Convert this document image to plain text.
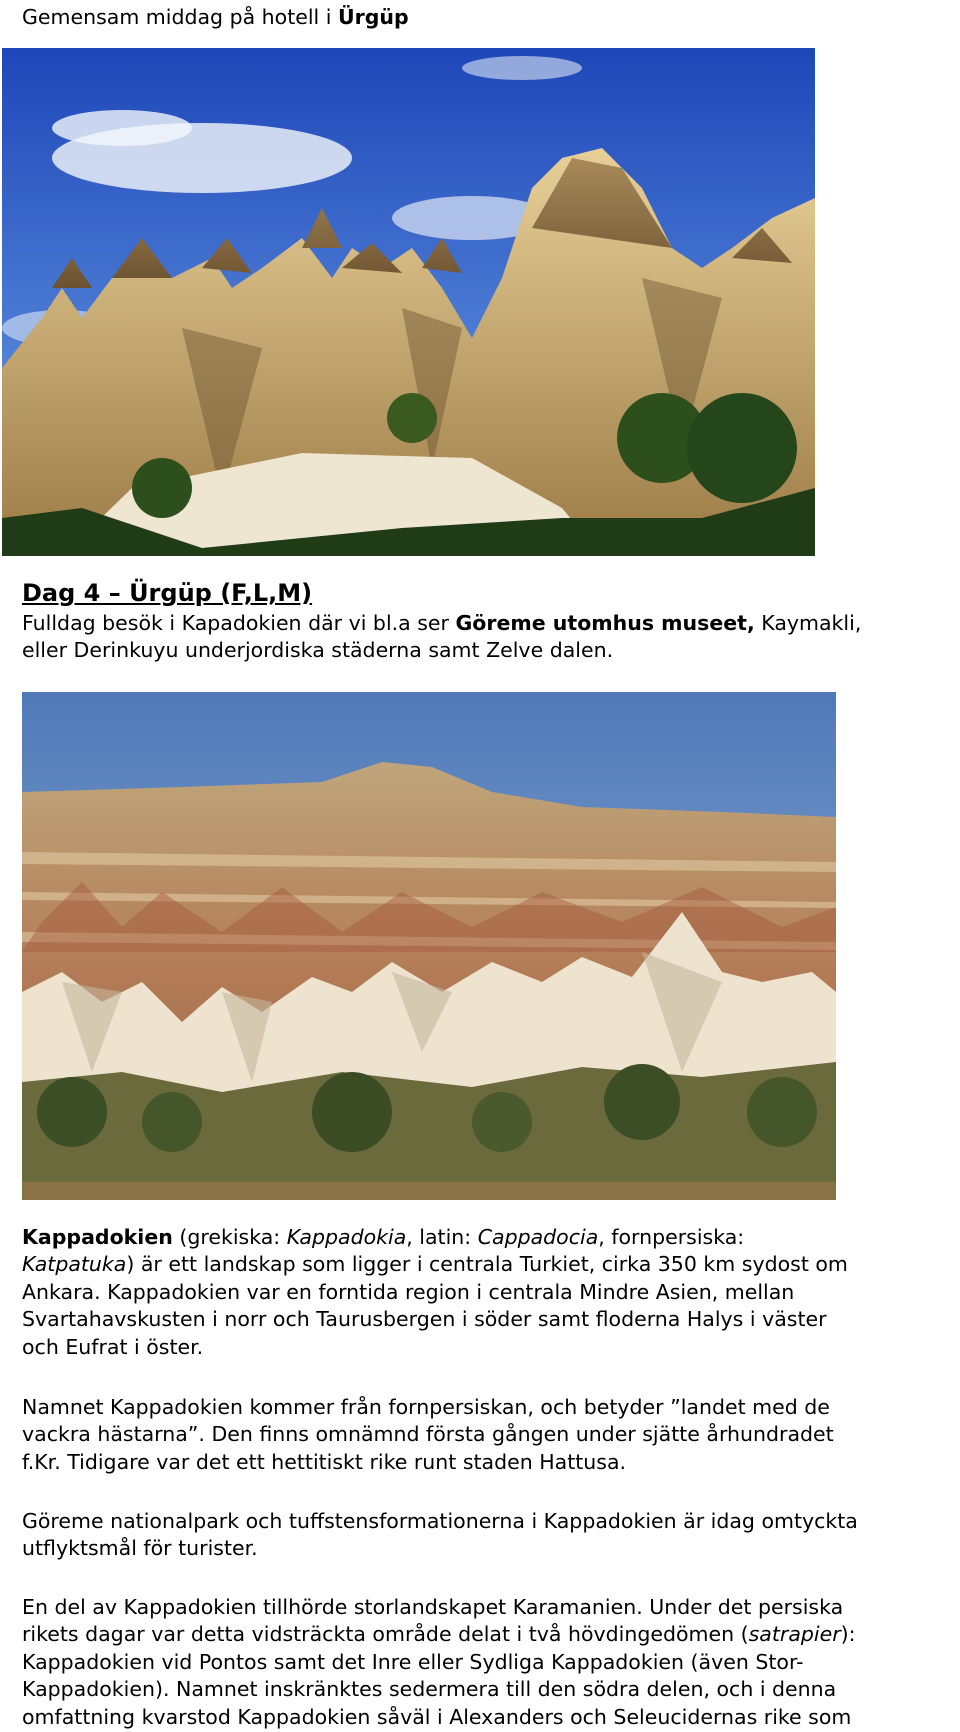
Gemensam middag på hotell i Ürgüp
Dag 4 – Ürgüp (F,L,M)
Fulldag besök i Kapadokien där vi bl.a ser Göreme utomhus museet, Kaymakli,
eller Derinkuyu underjordiska städerna samt Zelve dalen.

Kappadokien (grekiska: Kappadokia, latin: Cappadocia, fornpersiska:

Katpatuka) är ett landskap som ligger i centrala Turkiet, cirka 350 km sydost om

Ankara. Kappadokien var en forntida region i centrala Mindre Asien, mellan

Svartahavskusten i norr och Taurusbergen i söder samt floderna Halys i väster

och Eufrat i öster.

Namnet Kappadokien kommer från fornpersiskan, och betyder ”landet med de

vackra hästarna”. Den finns omnämnd första gången under sjätte århundradet

f.Kr. Tidigare var det ett hettitiskt rike runt staden Hattusa.

Göreme nationalpark och tuffstensformationerna i Kappadokien är idag omtyckta

utflyktsmål för turister.

En del av Kappadokien tillhörde storlandskapet Karamanien. Under det persiska

rikets dagar var detta vidsträckta område delat i två hövdingedömen (satrapier):

Kappadokien vid Pontos samt det Inre eller Sydliga Kappadokien (även Stor-

Kappadokien). Namnet inskränktes sedermera till den södra delen, och i denna

omfattning kvarstod Kappadokien såväl i Alexanders och Seleucidernas rike som
